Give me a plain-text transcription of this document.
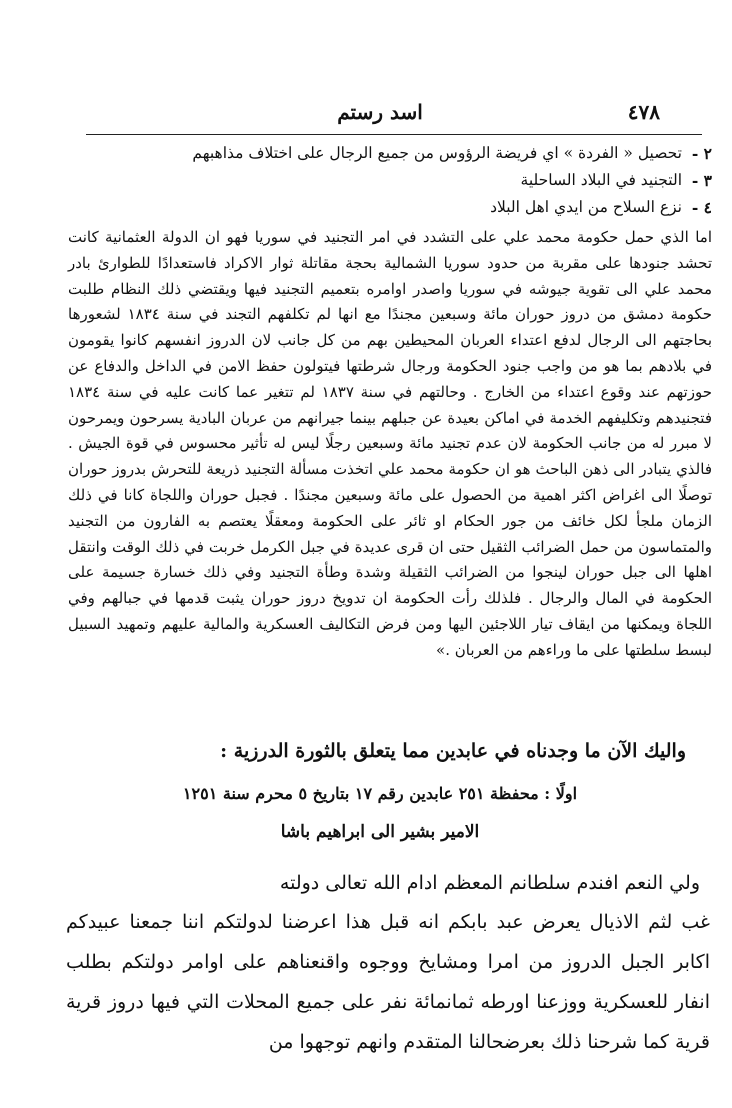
٤٧٨
اسد رستم
٢ -
تحصيل « الفردة » اي فريضة الرؤوس من جميع الرجال على اختلاف مذاهبهم
٣ -
التجنيد في البلاد الساحلية
٤ -
نزع السلاح من ايدي اهل البلاد

اما الذي حمل حكومة محمد علي على التشدد في امر التجنيد في سوريا فهو ان الدولة العثمانية كانت تحشد جنودها على مقربة من حدود سوريا الشمالية بحجة مقاتلة ثوار الاكراد فاستعدادًا للطوارئ بادر محمد علي الى تقوية جيوشه في سوريا واصدر اوامره بتعميم التجنيد فيها ويقتضي ذلك النظام طلبت حكومة دمشق من دروز حوران مائة وسبعين مجندًا مع انها لم تكلفهم التجند في سنة ١٨٣٤ لشعورها بحاجتهم الى الرجال لدفع اعتداء العربان المحيطين بهم من كل جانب لان الدروز انفسهم كانوا يقومون في بلادهم بما هو من واجب جنود الحكومة ورجال شرطتها فيتولون حفظ الامن في الداخل والدفاع عن حوزتهم عند وقوع اعتداء من الخارج . وحالتهم في سنة ١٨٣٧ لم تتغير عما كانت عليه في سنة ١٨٣٤ فتجنيدهم وتكليفهم الخدمة في اماكن بعيدة عن جبلهم بينما جيرانهم من عربان البادية يسرحون ويمرحون لا مبرر له من جانب الحكومة لان عدم تجنيد مائة وسبعين رجلًا ليس له تأثير محسوس في قوة الجيش . فالذي يتبادر الى ذهن الباحث هو ان حكومة محمد علي اتخذت مسألة التجنيد ذريعة للتحرش بدروز حوران توصلًا الى اغراض اكثر اهمية من الحصول على مائة وسبعين مجندًا . فجبل حوران واللجاة كانا في ذلك الزمان ملجأ لكل خائف من جور الحكام او ثائر على الحكومة ومعقلًا يعتصم به الفارون من التجنيد والمتماسون من حمل الضرائب الثقيل حتى ان قرى عديدة في جبل الكرمل خربت في ذلك الوقت وانتقل اهلها الى جبل حوران لينجوا من الضرائب الثقيلة وشدة وطأة التجنيد وفي ذلك خسارة جسيمة على الحكومة في المال والرجال . فلذلك رأت الحكومة ان تدويخ دروز حوران يثبت قدمها في جبالهم وفي اللجاة ويمكنها من ايقاف تيار اللاجئين اليها ومن فرض التكاليف العسكرية والمالية عليهم وتمهيد السبيل لبسط سلطتها على ما وراءهم من العربان .»

واليك الآن ما وجدناه في عابدين مما يتعلق بالثورة الدرزية :
اولًا : محفظة ٢٥١ عابدين رقم ١٧ بتاريخ ٥ محرم سنة ١٢٥١
الامير بشير الى ابراهيم باشا
ولي النعم افندم سلطانم المعظم ادام الله تعالى دولته

غب لثم الاذيال يعرض عبد بابكم انه قبل هذا اعرضنا لدولتكم اننا جمعنا عبيدكم اكابر الجبل الدروز من امرا ومشايخ ووجوه واقنعناهم على اوامر دولتكم بطلب انفار للعسكرية ووزعنا اورطه ثمانمائة نفر على جميع المحلات التي فيها دروز قرية قرية كما شرحنا ذلك بعرضحالنا المتقدم وانهم توجهوا من
